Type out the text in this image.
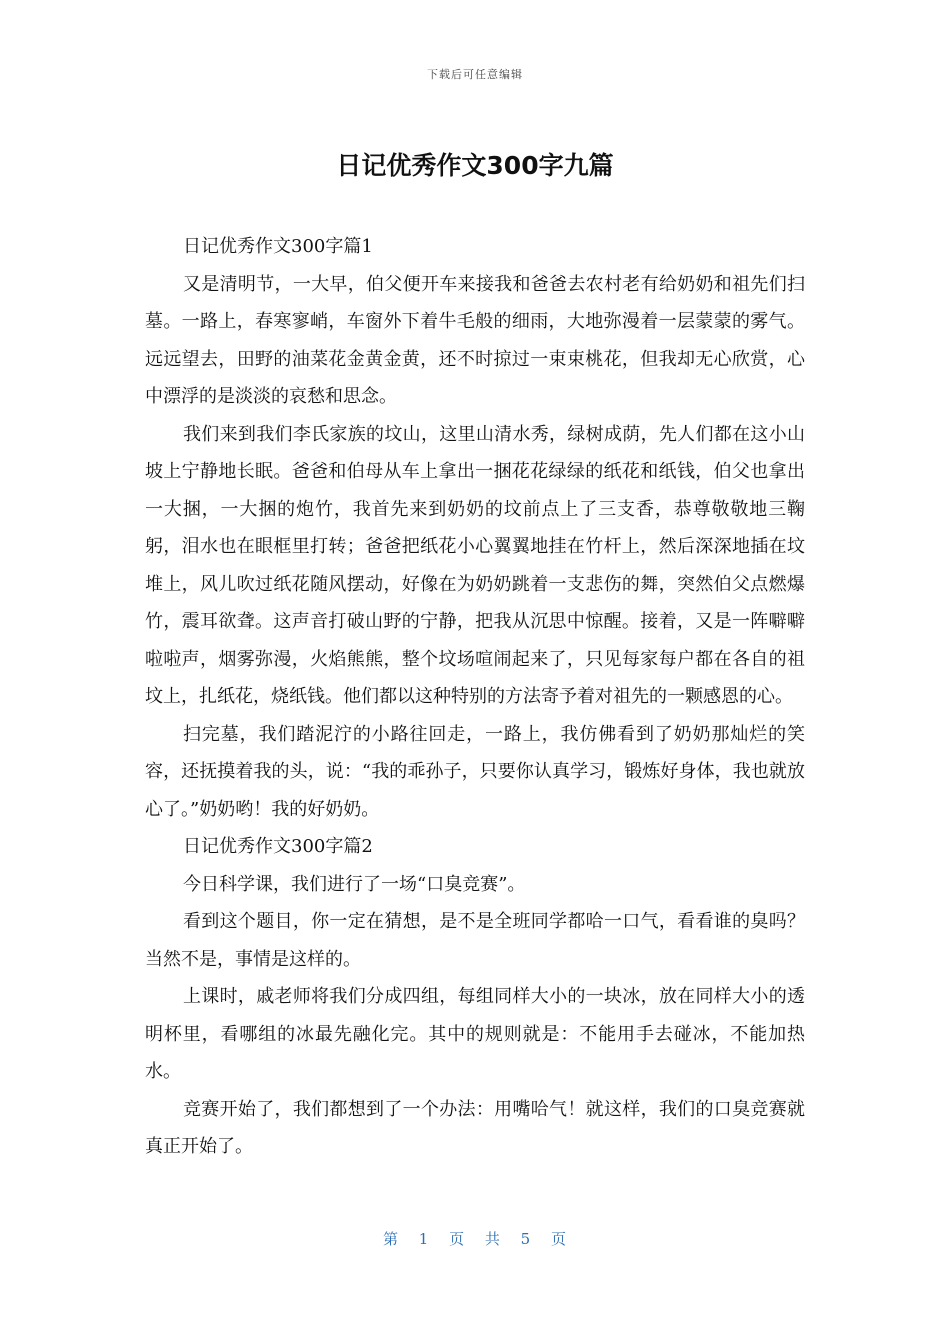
下载后可任意编辑
日记优秀作文300字九篇

日记优秀作文300字篇1

又是清明节，一大早，伯父便开车来接我和爸爸去农村老有给奶奶和祖先们扫墓。一路上，春寒寥峭，车窗外下着牛毛般的细雨，大地弥漫着一层蒙蒙的雾气。远远望去，田野的油菜花金黄金黄，还不时掠过一束束桃花，但我却无心欣赏，心中漂浮的是淡淡的哀愁和思念。

我们来到我们李氏家族的坟山，这里山清水秀，绿树成荫，先人们都在这小山坡上宁静地长眠。爸爸和伯母从车上拿出一捆花花绿绿的纸花和纸钱，伯父也拿出一大捆，一大捆的炮竹，我首先来到奶奶的坟前点上了三支香，恭尊敬敬地三鞠躬，泪水也在眼框里打转；爸爸把纸花小心翼翼地挂在竹杆上，然后深深地插在坟堆上，风儿吹过纸花随风摆动，好像在为奶奶跳着一支悲伤的舞，突然伯父点燃爆竹，震耳欲聋。这声音打破山野的宁静，把我从沉思中惊醒。接着，又是一阵噼噼啦啦声，烟雾弥漫，火焰熊熊，整个坟场喧闹起来了，只见每家每户都在各自的祖坟上，扎纸花，烧纸钱。他们都以这种特别的方法寄予着对祖先的一颗感恩的心。

扫完墓，我们踏泥泞的小路往回走，一路上，我仿佛看到了奶奶那灿烂的笑容，还抚摸着我的头，说：“我的乖孙子，只要你认真学习，锻炼好身体，我也就放心了。”奶奶哟！我的好奶奶。

日记优秀作文300字篇2

今日科学课，我们进行了一场“口臭竞赛”。

看到这个题目，你一定在猜想，是不是全班同学都哈一口气，看看谁的臭吗？当然不是，事情是这样的。

上课时，戚老师将我们分成四组，每组同样大小的一块冰，放在同样大小的透明杯里，看哪组的冰最先融化完。其中的规则就是：不能用手去碰冰，不能加热水。

竞赛开始了，我们都想到了一个办法：用嘴哈气！就这样，我们的口臭竞赛就真正开始了。

第 1 页 共 5 页
